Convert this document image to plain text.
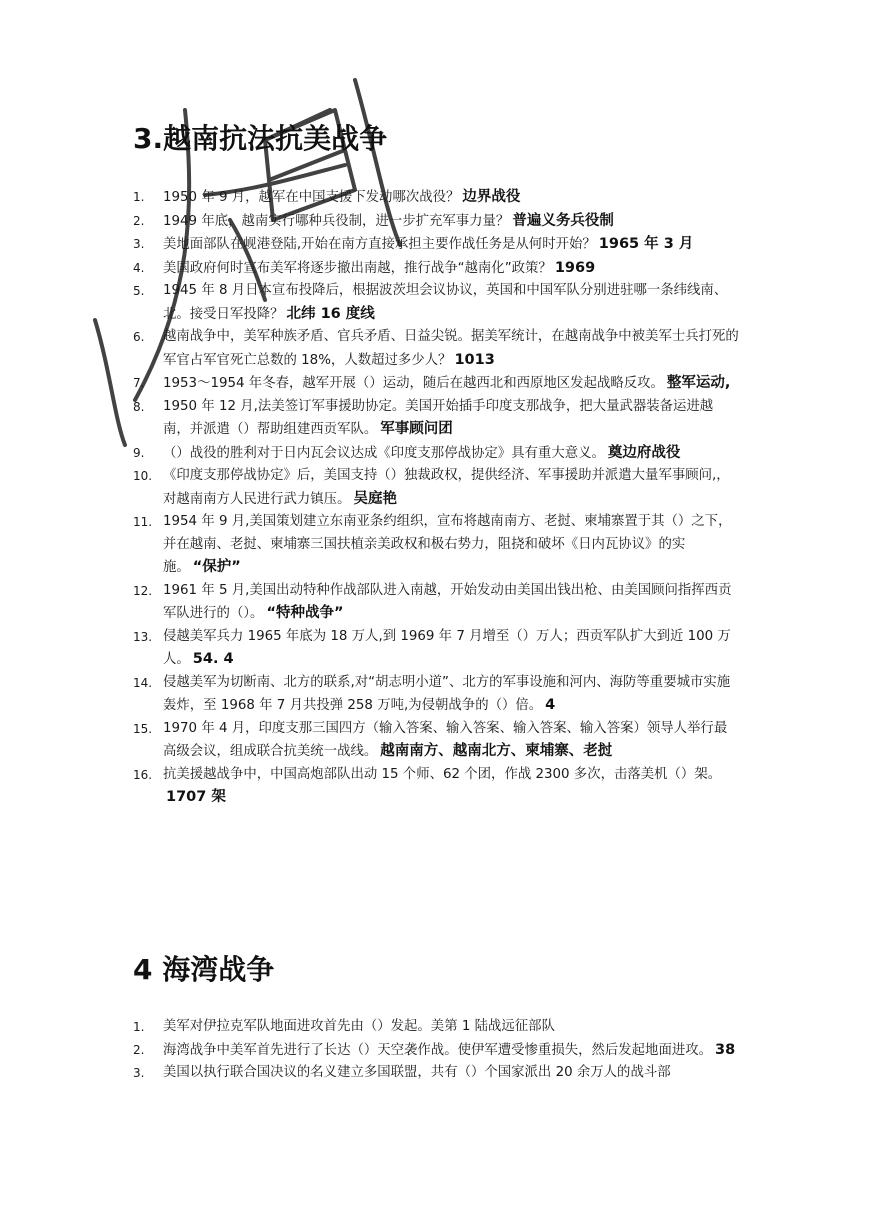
3.越南抗法抗美战争
1. 1950 年 9 月，越军在中国支援下发动哪次战役？ 边界战役
2. 1949 年底，越南实行哪种兵役制，进一步扩充军事力量？ 普遍义务兵役制
3. 美地面部队在岘港登陆,开始在南方直接承担主要作战任务是从何时开始？ 1965 年 3 月
4. 美国政府何时宣布美军将逐步撤出南越，推行战争“越南化”政策？ 1969
5. 1945 年 8 月日本宣布投降后，根据波茨坦会议协议，英国和中国军队分别进驻哪一条纬线南、北。接受日军投降？ 北纬 16 度线
6. 越南战争中，美军种族矛盾、官兵矛盾、日益尖锐。据美军统计，在越南战争中被美军士兵打死的军官占军官死亡总数的 18%，人数超过多少人？ 1013
7. 1953～1954 年冬春，越军开展（）运动，随后在越西北和西原地区发起战略反攻。 整军运动,
8. 1950 年 12 月,法美签订军事援助协定。美国开始插手印度支那战争，把大量武器装备运进越南，并派遣（）帮助组建西贡军队。 军事顾问团
9. （）战役的胜利对于日内瓦会议达成《印度支那停战协定》具有重大意义。 奠边府战役
10. 《印度支那停战协定》后，美国支持（）独裁政权，提供经济、军事援助并派遣大量军事顾问,，对越南南方人民进行武力镇压。 吴庭艳
11. 1954 年 9 月,美国策划建立东南亚条约组织，宣布将越南南方、老挝、柬埔寨置于其（）之下，并在越南、老挝、柬埔寨三国扶植亲美政权和极右势力，阻挠和破坏《日内瓦协议》的实施。 “保护”
12. 1961 年 5 月,美国出动特种作战部队进入南越，开始发动由美国出钱出枪、由美国顾问指挥西贡军队进行的（）。 “特种战争”
13. 侵越美军兵力 1965 年底为 18 万人,到 1969 年 7 月增至（）万人；西贡军队扩大到近 100 万人。 54. 4
14. 侵越美军为切断南、北方的联系,对“胡志明小道”、北方的军事设施和河内、海防等重要城市实施轰炸，至 1968 年 7 月共投弹 258 万吨,为侵朝战争的（）倍。 4
15. 1970 年 4 月，印度支那三国四方（输入答案、输入答案、输入答案、输入答案）领导人举行最高级会议，组成联合抗美统一战线。 越南南方、越南北方、柬埔寨、老挝
16. 抗美援越战争中，中国高炮部队出动 15 个师、62 个团，作战 2300 多次，击落美机（）架。1707 架
4 海湾战争
1. 美军对伊拉克军队地面进攻首先由（）发起。美第 1 陆战远征部队
2. 海湾战争中美军首先进行了长达（）天空袭作战。使伊军遭受惨重损失，然后发起地面进攻。 38
3. 美国以执行联合国决议的名义建立多国联盟，共有（）个国家派出 20 余万人的战斗部
